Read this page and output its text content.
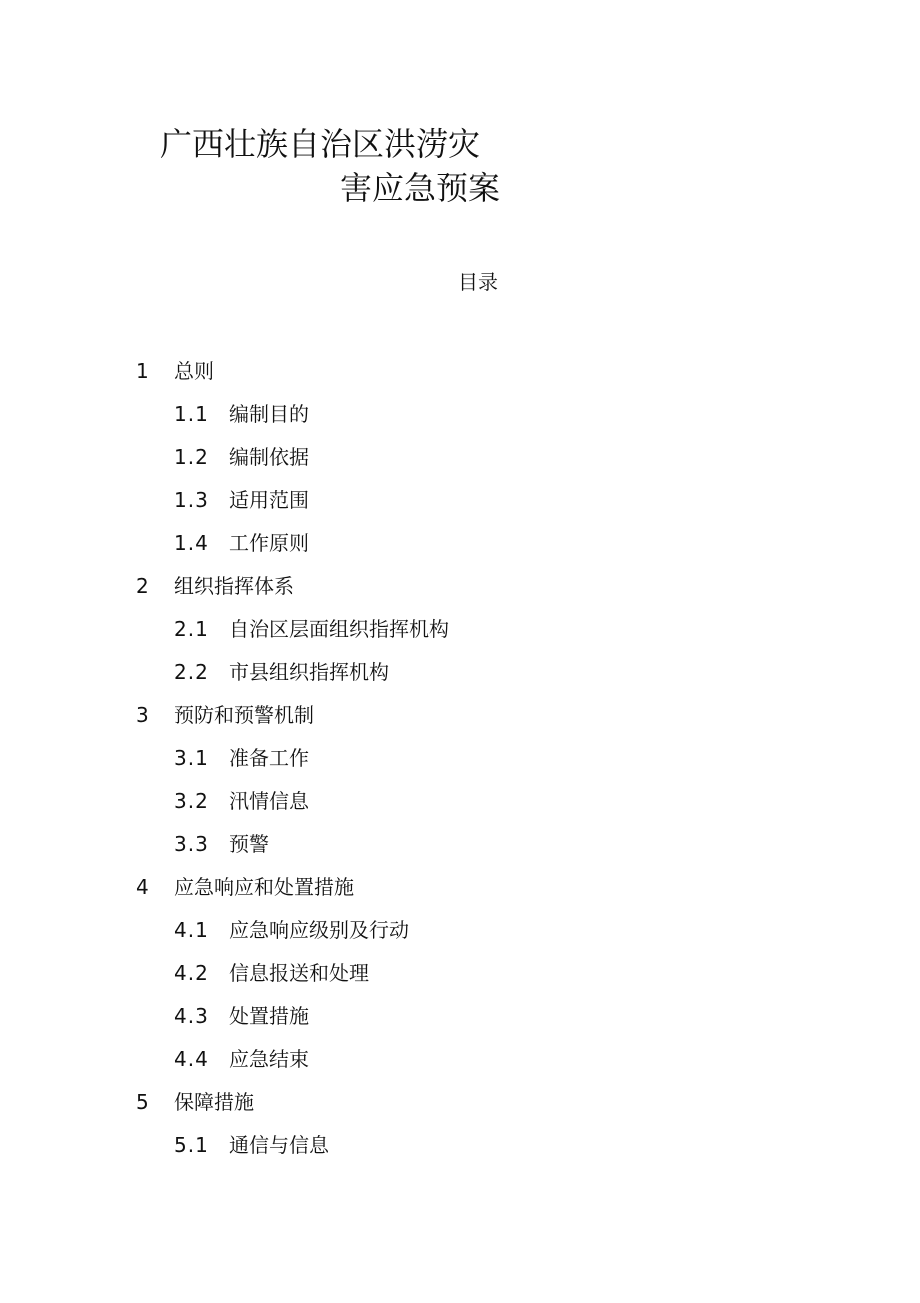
广西壮族自治区洪涝灾
害应急预案
目录
1 总则
1.1 编制目的
1.2 编制依据
1.3 适用范围
1.4 工作原则
2 组织指挥体系
2.1 自治区层面组织指挥机构
2.2 市县组织指挥机构
3 预防和预警机制
3.1 准备工作
3.2 汛情信息
3.3 预警
4 应急响应和处置措施
4.1 应急响应级别及行动
4.2 信息报送和处理
4.3 处置措施
4.4 应急结束
5 保障措施
5.1 通信与信息
